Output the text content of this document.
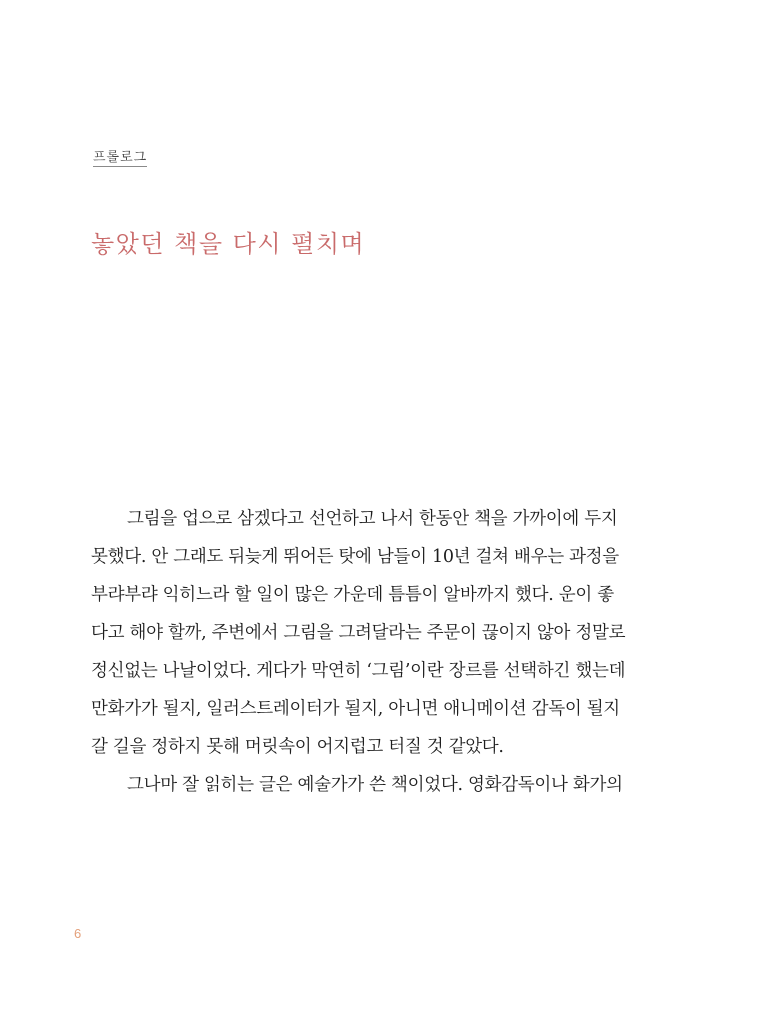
프롤로그
놓았던 책을 다시 펼치며
그림을 업으로 삼겠다고 선언하고 나서 한동안 책을 가까이에 두지
못했다. 안 그래도 뒤늦게 뛰어든 탓에 남들이 10년 걸쳐 배우는 과정을
부랴부랴 익히느라 할 일이 많은 가운데 틈틈이 알바까지 했다. 운이 좋
다고 해야 할까, 주변에서 그림을 그려달라는 주문이 끊이지 않아 정말로
정신없는 나날이었다. 게다가 막연히 ‘그림’이란 장르를 선택하긴 했는데
만화가가 될지, 일러스트레이터가 될지, 아니면 애니메이션 감독이 될지
갈 길을 정하지 못해 머릿속이 어지럽고 터질 것 같았다.
그나마 잘 읽히는 글은 예술가가 쓴 책이었다. 영화감독이나 화가의
6
